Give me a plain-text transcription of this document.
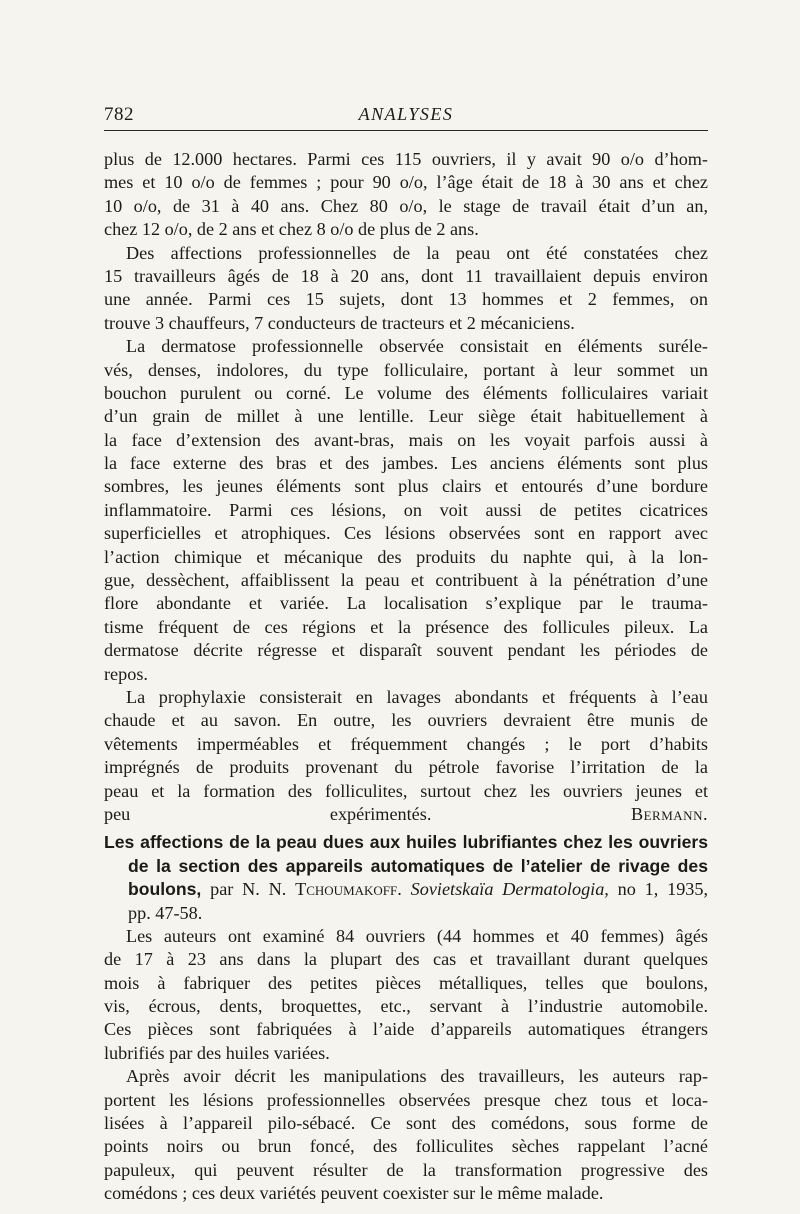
782	ANALYSES
plus de 12.000 hectares. Parmi ces 115 ouvriers, il y avait 90 o/o d’hom-
mes et 10 o/o de femmes ; pour 90 o/o, l’âge était de 18 à 30 ans et chez
10 o/o, de 31 à 40 ans. Chez 80 o/o, le stage de travail était d’un an,
chez 12 o/o, de 2 ans et chez 8 o/o de plus de 2 ans.
Des affections professionnelles de la peau ont été constatées chez
15 travailleurs âgés de 18 à 20 ans, dont 11 travaillaient depuis environ
une année. Parmi ces 15 sujets, dont 13 hommes et 2 femmes, on
trouve 3 chauffeurs, 7 conducteurs de tracteurs et 2 mécaniciens.
La dermatose professionnelle observée consistait en éléments suréle-
vés, denses, indolores, du type folliculaire, portant à leur sommet un
bouchon purulent ou corné. Le volume des éléments folliculaires variait
d’un grain de millet à une lentille. Leur siège était habituellement à
la face d’extension des avant-bras, mais on les voyait parfois aussi à
la face externe des bras et des jambes. Les anciens éléments sont plus
sombres, les jeunes éléments sont plus clairs et entourés d’une bordure
inflammatoire. Parmi ces lésions, on voit aussi de petites cicatrices
superficielles et atrophiques. Ces lésions observées sont en rapport avec
l’action chimique et mécanique des produits du naphte qui, à la lon-
gue, dessèchent, affaiblissent la peau et contribuent à la pénétration d’une
flore abondante et variée. La localisation s’explique par le trauma-
tisme fréquent de ces régions et la présence des follicules pileux. La
dermatose décrite régresse et disparaît souvent pendant les périodes de
repos.
La prophylaxie consisterait en lavages abondants et fréquents à l’eau
chaude et au savon. En outre, les ouvriers devraient être munis de
vêtements imperméables et fréquemment changés ; le port d’habits
imprégnés de produits provenant du pétrole favorise l’irritation de la
peau et la formation des folliculites, surtout chez les ouvriers jeunes et
peu expérimentés.	Bermann.
Les affections de la peau dues aux huiles lubrifiantes chez les ouvriers
de la section des appareils automatiques de l’atelier de rivage des
boulons, par N. N. Tchoumakoff. Sovietskaïa Dermatologia, no 1, 1935,
pp. 47-58.
Les auteurs ont examiné 84 ouvriers (44 hommes et 40 femmes) âgés
de 17 à 23 ans dans la plupart des cas et travaillant durant quelques
mois à fabriquer des petites pièces métalliques, telles que boulons,
vis, écrous, dents, broquettes, etc., servant à l’industrie automobile.
Ces pièces sont fabriquées à l’aide d’appareils automatiques étrangers
lubrifiés par des huiles variées.
Après avoir décrit les manipulations des travailleurs, les auteurs rap-
portent les lésions professionnelles observées presque chez tous et loca-
lisées à l’appareil pilo-sébacé. Ce sont des comédons, sous forme de
points noirs ou brun foncé, des folliculites sèches rappelant l’acné
papuleux, qui peuvent résulter de la transformation progressive des
comédons ; ces deux variétés peuvent coexister sur le même malade.
